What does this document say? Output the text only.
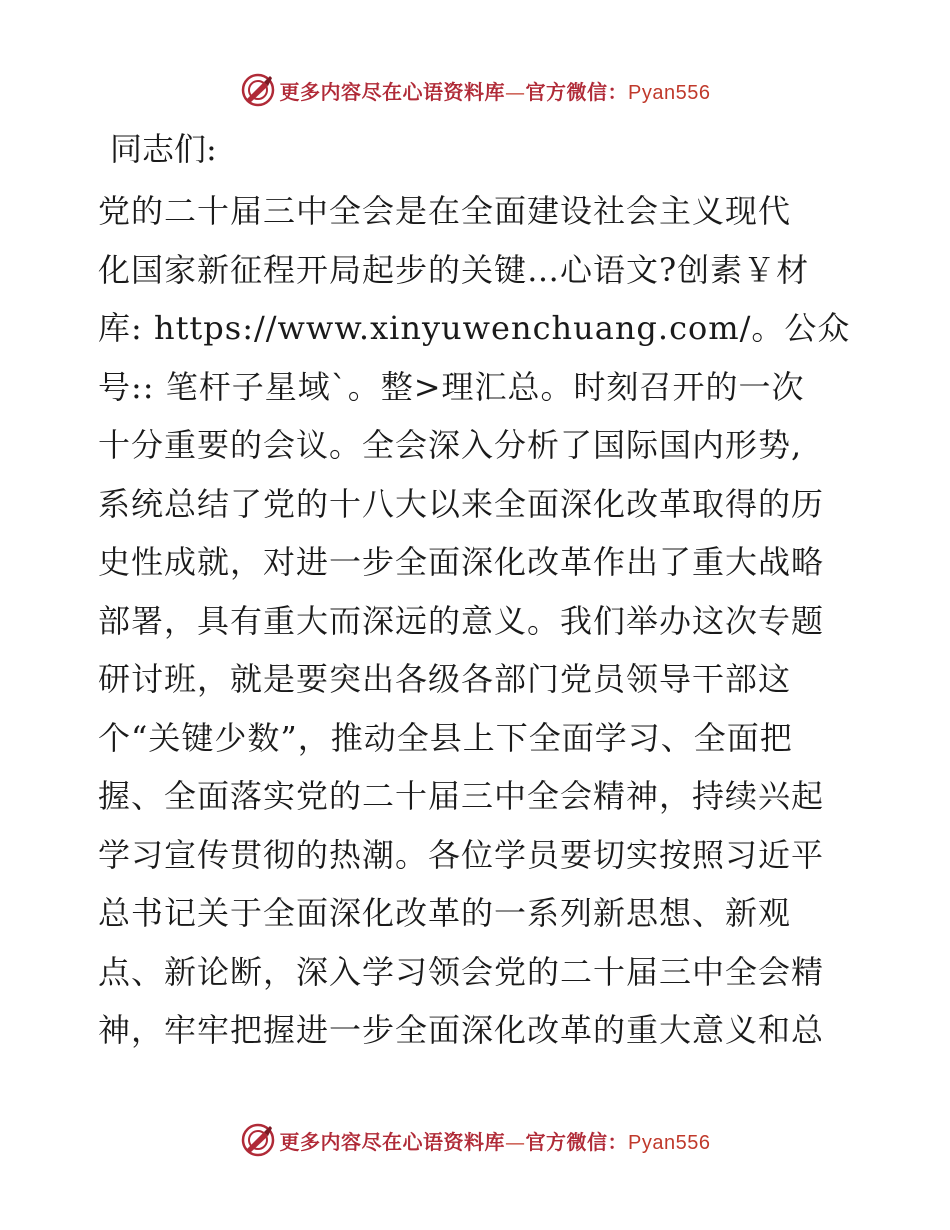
更多内容尽在心语资料库—官方微信：Pyan556
同志们:
党的二十届三中全会是在全面建设社会主义现代
化国家新征程开局起步的关键…心语文?创素￥材
库: https://www.xinyuwenchuang.com/。公众
号:: 笔杆子星域`。整>理汇总。时刻召开的一次
十分重要的会议。全会深入分析了国际国内形势,
系统总结了党的十八大以来全面深化改革取得的历
史性成就，对进一步全面深化改革作出了重大战略
部署，具有重大而深远的意义。我们举办这次专题
研讨班，就是要突出各级各部门党员领导干部这
个“关键少数”，推动全县上下全面学习、全面把
握、全面落实党的二十届三中全会精神，持续兴起
学习宣传贯彻的热潮。各位学员要切实按照习近平
总书记关于全面深化改革的一系列新思想、新观
点、新论断，深入学习领会党的二十届三中全会精
神，牢牢把握进一步全面深化改革的重大意义和总
更多内容尽在心语资料库—官方微信：Pyan556
